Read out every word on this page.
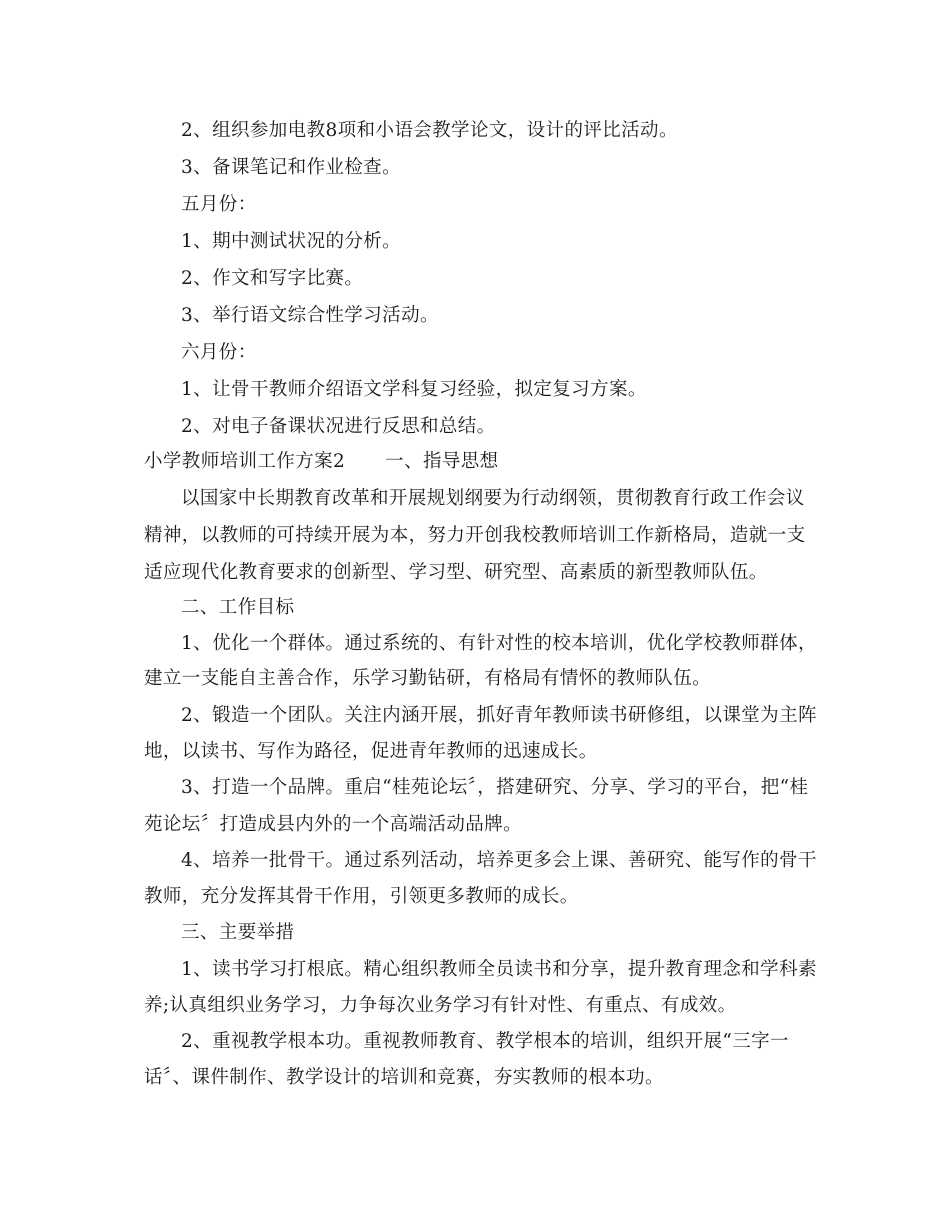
2、组织参加电教8项和小语会教学论文，设计的评比活动。
3、备课笔记和作业检查。
五月份：
1、期中测试状况的分析。
2、作文和写字比赛。
3、举行语文综合性学习活动。
六月份：
1、让骨干教师介绍语文学科复习经验，拟定复习方案。
2、对电子备课状况进行反思和总结。
小学教师培训工作方案2 一、指导思想
以国家中长期教育改革和开展规划纲要为行动纲领，贯彻教育行政工作会议
精神，以教师的可持续开展为本，努力开创我校教师培训工作新格局，造就一支
适应现代化教育要求的创新型、学习型、研究型、高素质的新型教师队伍。
二、工作目标
1、优化一个群体。通过系统的、有针对性的校本培训，优化学校教师群体，
建立一支能自主善合作，乐学习勤钻研，有格局有情怀的教师队伍。
2、锻造一个团队。关注内涵开展，抓好青年教师读书研修组，以课堂为主阵
地，以读书、写作为路径，促进青年教师的迅速成长。
3、打造一个品牌。重启“桂苑论坛〞，搭建研究、分享、学习的平台，把“桂
苑论坛〞打造成县内外的一个高端活动品牌。
4、培养一批骨干。通过系列活动，培养更多会上课、善研究、能写作的骨干
教师，充分发挥其骨干作用，引领更多教师的成长。
三、主要举措
1、读书学习打根底。精心组织教师全员读书和分享，提升教育理念和学科素
养;认真组织业务学习，力争每次业务学习有针对性、有重点、有成效。
2、重视教学根本功。重视教师教育、教学根本的培训，组织开展“三字一
话〞、课件制作、教学设计的培训和竞赛，夯实教师的根本功。
